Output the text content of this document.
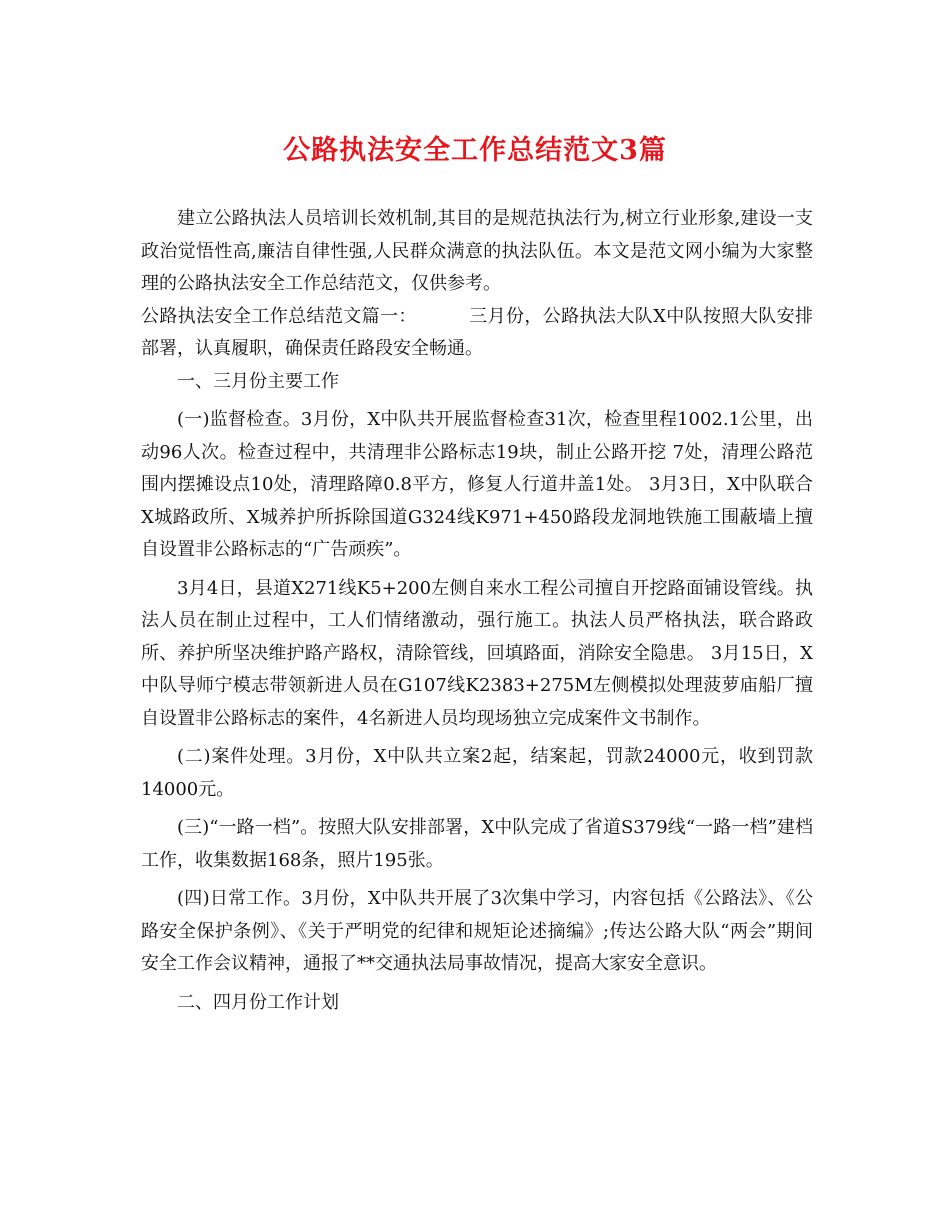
公路执法安全工作总结范文3篇

建立公路执法人员培训长效机制,其目的是规范执法行为,树立行业形象,建设一支政治觉悟性高,廉洁自律性强,人民群众满意的执法队伍。本文是范文网小编为大家整理的公路执法安全工作总结范文，仅供参考。

公路执法安全工作总结范文篇一：	三月份，公路执法大队X中队按照大队安排部署，认真履职，确保责任路段安全畅通。

一、三月份主要工作

(一)监督检查。3月份，X中队共开展监督检查31次，检查里程1002.1公里，出动96人次。检查过程中，共清理非公路标志19块，制止公路开挖 7处，清理公路范围内摆摊设点10处，清理路障0.8平方，修复人行道井盖1处。 3月3日，X中队联合X城路政所、X城养护所拆除国道G324线K971+450路段龙洞地铁施工围蔽墙上擅自设置非公路标志的“广告顽疾”。

3月4日，县道X271线K5+200左侧自来水工程公司擅自开挖路面铺设管线。执法人员在制止过程中，工人们情绪激动，强行施工。执法人员严格执法，联合路政所、养护所坚决维护路产路权，清除管线，回填路面，消除安全隐患。 3月15日，X中队导师宁模志带领新进人员在G107线K2383+275M左侧模拟处理菠萝庙船厂擅自设置非公路标志的案件，4名新进人员均现场独立完成案件文书制作。

(二)案件处理。3月份，X中队共立案2起，结案起，罚款24000元，收到罚款14000元。

(三)“一路一档”。按照大队安排部署，X中队完成了省道S379线“一路一档”建档工作，收集数据168条，照片195张。

(四)日常工作。3月份，X中队共开展了3次集中学习，内容包括《公路法》、《公路安全保护条例》、《关于严明党的纪律和规矩论述摘编》;传达公路大队“两会”期间安全工作会议精神，通报了**交通执法局事故情况，提高大家安全意识。

二、四月份工作计划
